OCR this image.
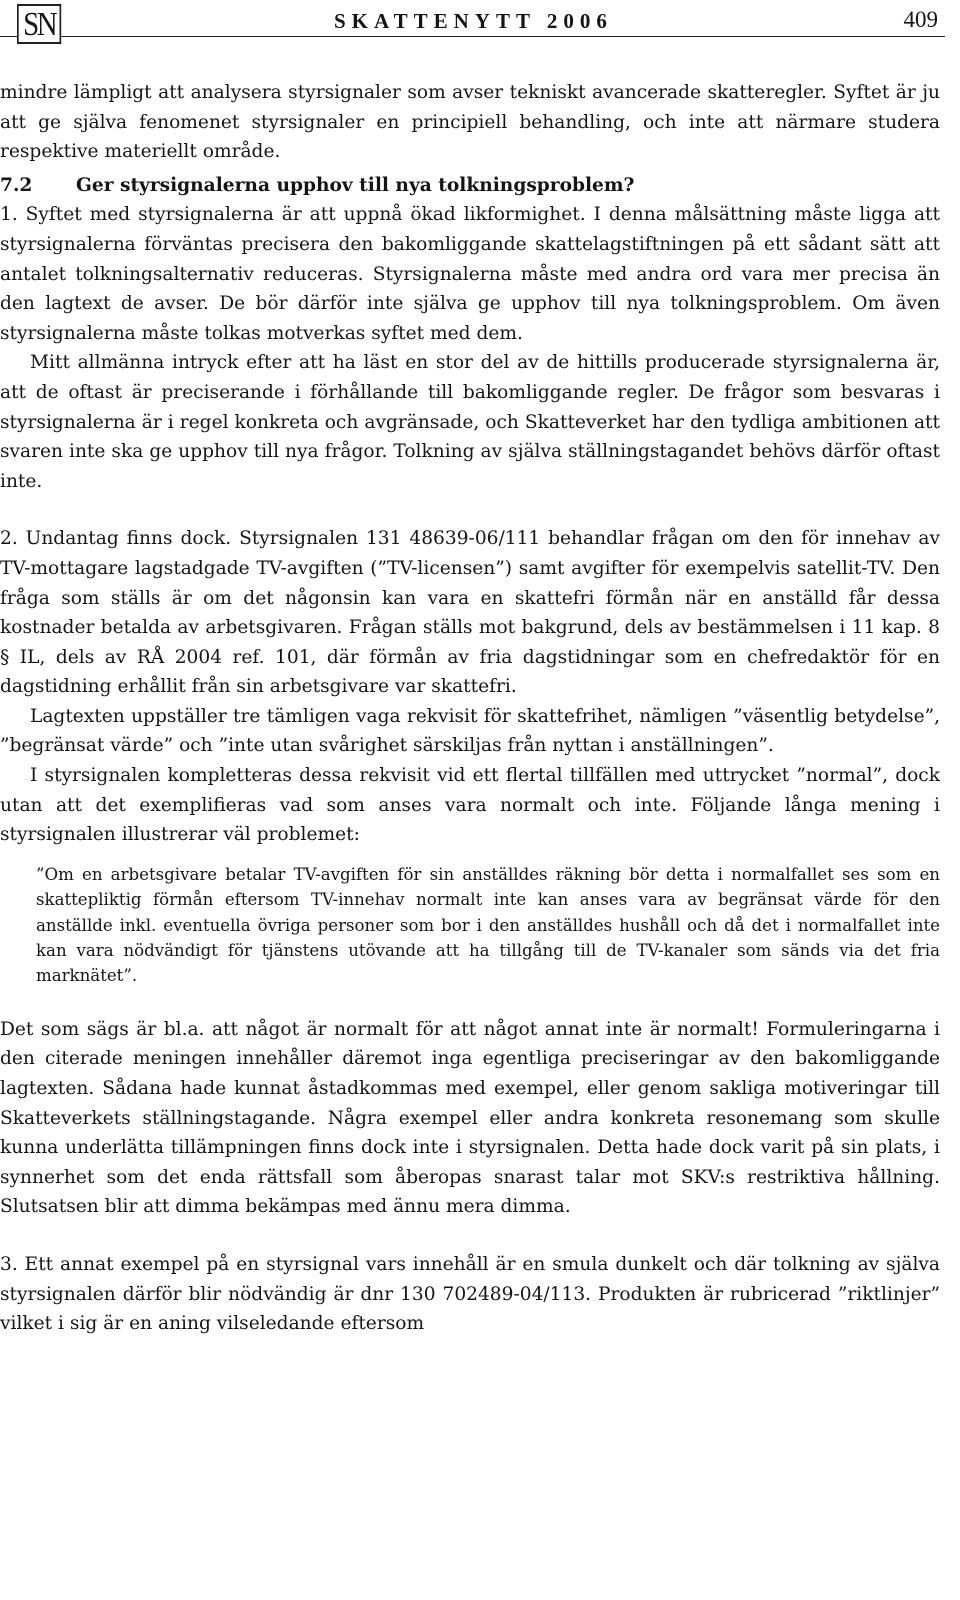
SN	SKATTENYTT 2006	409

mindre lämpligt att analysera styrsignaler som avser tekniskt avancerade skatteregler. Syftet är ju att ge själva fenomenet styrsignaler en principiell behandling, och inte att närmare studera respektive materiellt område.

7.2 Ger styrsignalerna upphov till nya tolkningsproblem?

1. Syftet med styrsignalerna är att uppnå ökad likformighet. I denna målsättning måste ligga att styrsignalerna förväntas precisera den bakomliggande skattelagstiftningen på ett sådant sätt att antalet tolkningsalternativ reduceras. Styrsignalerna måste med andra ord vara mer precisa än den lagtext de avser. De bör därför inte själva ge upphov till nya tolkningsproblem. Om även styrsignalerna måste tolkas motverkas syftet med dem.

Mitt allmänna intryck efter att ha läst en stor del av de hittills producerade styrsignalerna är, att de oftast är preciserande i förhållande till bakomliggande regler. De frågor som besvaras i styrsignalerna är i regel konkreta och avgränsade, och Skatteverket har den tydliga ambitionen att svaren inte ska ge upphov till nya frågor. Tolkning av själva ställningstagandet behövs därför oftast inte.

2. Undantag finns dock. Styrsignalen 131 48639-06/111 behandlar frågan om den för innehav av TV-mottagare lagstadgade TV-avgiften (”TV-licensen”) samt avgifter för exempelvis satellit-TV. Den fråga som ställs är om det någonsin kan vara en skattefri förmån när en anställd får dessa kostnader betalda av arbetsgivaren. Frågan ställs mot bakgrund, dels av bestämmelsen i 11 kap. 8 § IL, dels av RÅ 2004 ref. 101, där förmån av fria dagstidningar som en chefredaktör för en dagstidning erhållit från sin arbetsgivare var skattefri.

Lagtexten uppställer tre tämligen vaga rekvisit för skattefrihet, nämligen ”väsentlig betydelse”, ”begränsat värde” och ”inte utan svårighet särskiljas från nyttan i anställningen”.

I styrsignalen kompletteras dessa rekvisit vid ett flertal tillfällen med uttrycket ”normal”, dock utan att det exemplifieras vad som anses vara normalt och inte. Följande långa mening i styrsignalen illustrerar väl problemet:

”Om en arbetsgivare betalar TV-avgiften för sin anställdes räkning bör detta i normalfallet ses som en skattepliktig förmån eftersom TV-innehav normalt inte kan anses vara av begränsat värde för den anställde inkl. eventuella övriga personer som bor i den anställdes hushåll och då det i normalfallet inte kan vara nödvändigt för tjänstens utövande att ha tillgång till de TV-kanaler som sänds via det fria marknätet”.

Det som sägs är bl.a. att något är normalt för att något annat inte är normalt! Formuleringarna i den citerade meningen innehåller däremot inga egentliga preciseringar av den bakomliggande lagtexten. Sådana hade kunnat åstadkommas med exempel, eller genom sakliga motiveringar till Skatteverkets ställningstagande. Några exempel eller andra konkreta resonemang som skulle kunna underlätta tillämpningen finns dock inte i styrsignalen. Detta hade dock varit på sin plats, i synnerhet som det enda rättsfall som åberopas snarast talar mot SKV:s restriktiva hållning. Slutsatsen blir att dimma bekämpas med ännu mera dimma.

3. Ett annat exempel på en styrsignal vars innehåll är en smula dunkelt och där tolkning av själva styrsignalen därför blir nödvändig är dnr 130 702489-04/113. Produkten är rubricerad ”riktlinjer” vilket i sig är en aning vilseledande eftersom
